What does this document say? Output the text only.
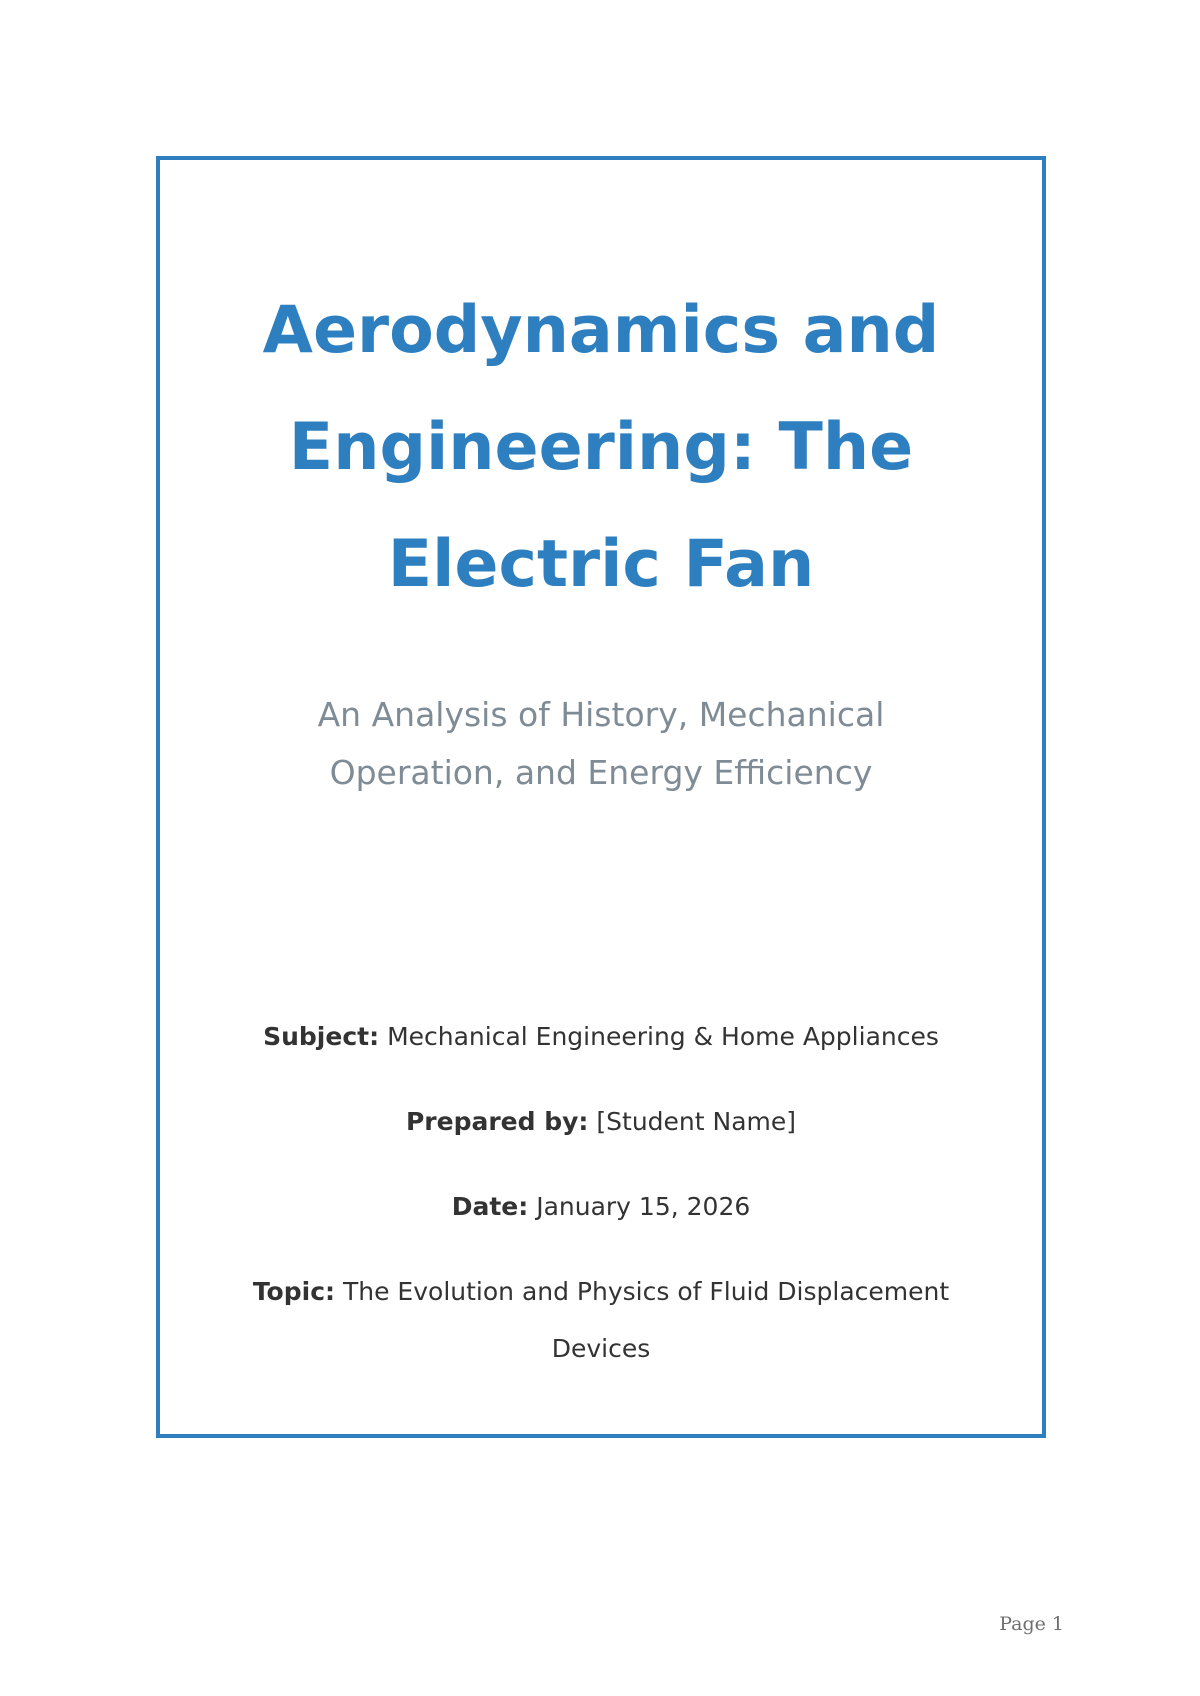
Aerodynamics and
Engineering: The
Electric Fan

An Analysis of History, Mechanical
Operation, and Energy Efficiency

Subject: Mechanical Engineering & Home Appliances

Prepared by: [Student Name]

Date: January 15, 2026

Topic: The Evolution and Physics of Fluid Displacement Devices

Page 1
